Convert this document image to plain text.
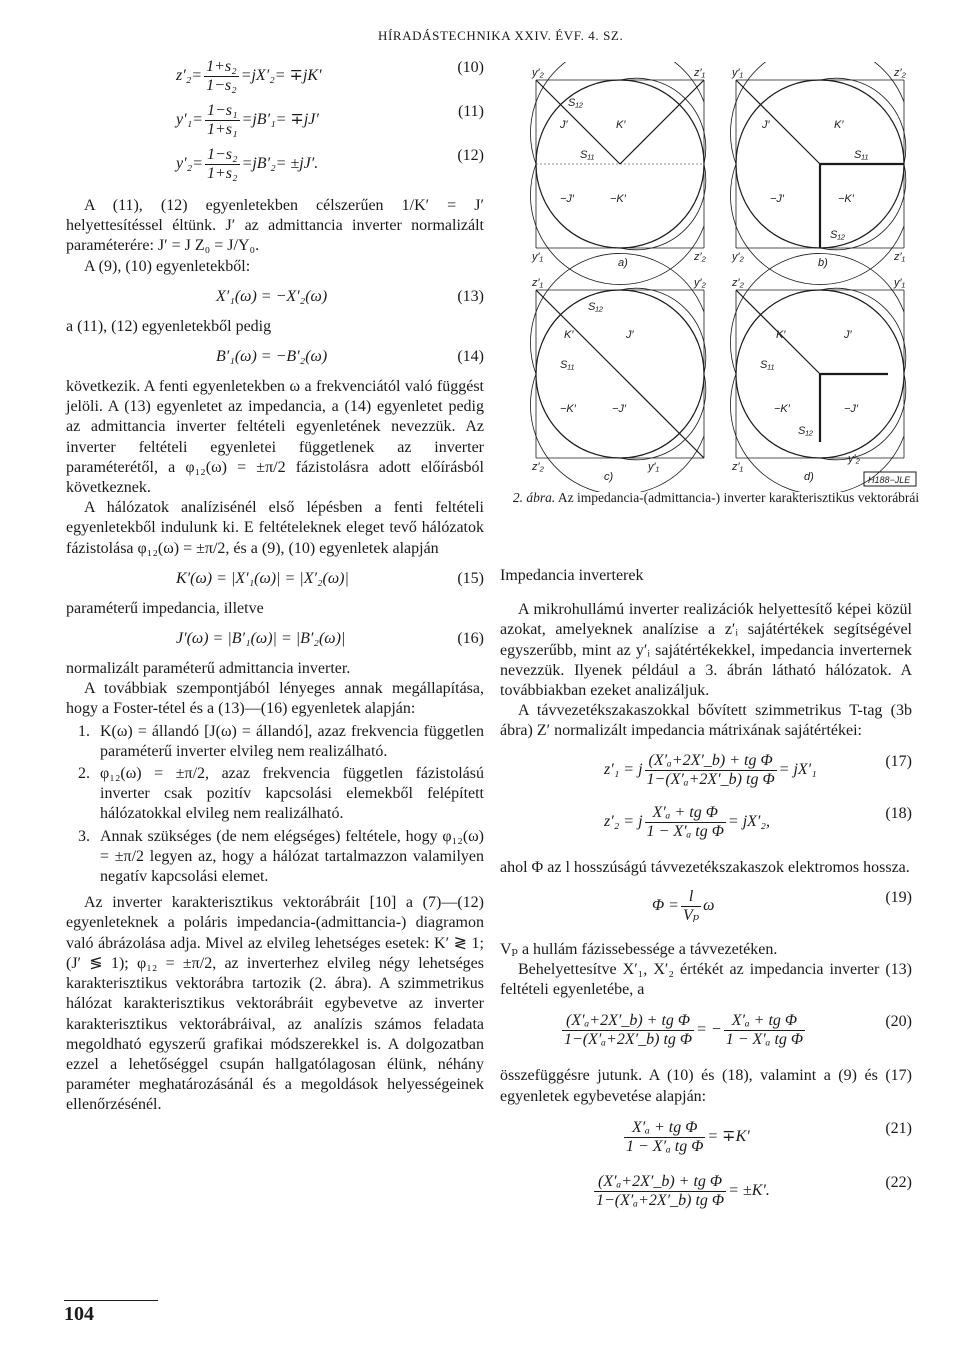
HÍRADÁSTECHNIKA XXIV. ÉVF. 4. SZ.
$z'_2= \frac{\text{1+s₂}}{\text{1−s₂}} =jX'_2= \mp jK'$	(10)
$y'_1= \frac{\text{1−s₁}}{\text{1+s₁}} =jB'_1= \mp jJ'$	(11)
$y'_2= \frac{\text{1−s₂}}{\text{1+s₂}} =jB'_2= \pm jJ'$.	(12)

A (11), (12) egyenletekben célszerűen 1/K′ = J′ helyettesítéssel éltünk. J′ az admittancia inverter normalizált paraméterére: J′ = J Z₀ = J/Y₀.

A (9), (10) egyenletekből:

X′₁(ω) = −X′₂(ω)	(13)

a (11), (12) egyenletekből pedig

B′₁(ω) = −B′₂(ω)	(14)

következik. A fenti egyenletekben ω a frekvenciától való függést jelöli. A (13) egyenletet az impedancia, a (14) egyenletet pedig az admittancia inverter feltételi egyenletének nevezzük. Az inverter feltételi egyenletei függetlenek az inverter paraméterétől, a φ₁₂(ω) = ±π/2 fázistolásra adott előírásból következnek.

A hálózatok analízisénél első lépésben a fenti feltételi egyenletekből indulunk ki. E feltételeknek eleget tevő hálózatok fázistolása φ₁₂(ω) = ±π/2, és a (9), (10) egyenletek alapján

K′(ω) = |X′₁(ω)| = |X′₂(ω)|	(15)

paraméterű impedancia, illetve

J′(ω) = |B′₁(ω)| = |B′₂(ω)|	(16)

normalizált paraméterű admittancia inverter.

A továbbiak szempontjából lényeges annak megállapítása, hogy a Foster-tétel és a (13)—(16) egyenletek alapján:

1. K(ω) = állandó [J(ω) = állandó], azaz frekvencia független paraméterű inverter elvileg nem realizálható.
2. φ₁₂(ω) = ±π/2, azaz frekvencia független fázistolású inverter csak pozitív kapcsolási elemekből felépített hálózatokkal elvileg nem realizálható.
3. Annak szükséges (de nem elégséges) feltétele, hogy φ₁₂(ω) = ±π/2 legyen az, hogy a hálózat tartalmazzon valamilyen negatív kapcsolási elemet.

Az inverter karakterisztikus vektorábráit [10] a (7)—(12) egyenleteknek a poláris impedancia-(admittancia-) diagramon való ábrázolása adja. Mivel az elvileg lehetséges esetek: K′ ≷ 1; (J′ ≶ 1); φ₁₂ = ±π/2, az inverterhez elvileg négy lehetséges karakterisztikus vektorábra tartozik (2. ábra). A szimmetrikus hálózat karakterisztikus vektorábráit egybevetve az inverter karakterisztikus vektorábráival, az analízis számos feladata megoldható egyszerű grafikai módszerekkel is. A dolgozatban ezzel a lehetőséggel csupán hallgatólagosan élünk, néhány paraméter meghatározásánál és a megoldások helyességeinek ellenőrzésénél.

y′₂	z′₁
S₁₂
J′	K′
S₁₁
−J′	−K′
y′₁	z′₂
a)
y′₁	z′₂
J′	K′
S₁₁
−J′	−K′
S₁₂
y′₂	z′₁
b)
z′₁	y′₂
S₁₂
K′	J′
S₁₁
−K′	−J′
z′₂	y′₁
c)
z′₂	y′₁
K′	J′
S₁₁
−K′	−J′
S₁₂
z′₁
y′₂
d)	H188−JLE
2. ábra. Az impedancia-(admittancia-) inverter karakterisztikus vektorábrái
Impedancia inverterek

A mikrohullámú inverter realizációk helyettesítő képei közül azokat, amelyeknek analízise a z′ᵢ sajátértékek segítségével egyszerűbb, mint az y′ᵢ sajátértékekkel, impedancia inverternek nevezzük. Ilyenek például a 3. ábrán látható hálózatok. A továbbiakban ezeket analizáljuk.

A távvezetékszakaszokkal bővített szimmetrikus T-tag (3b ábra) Z′ normalizált impedancia mátrixának sajátértékei:

z′₁ = j $\frac{\text{(X′ₐ+2X′\_b) + tg Φ}}{\text{1−(X′ₐ+2X′\_b) tg Φ}} = jX'_1$	(17)
z′₂ = j $\frac{\text{X′ₐ + tg Φ}}{\text{1 − X′ₐ tg Φ}} = jX'_2$,	(18)

ahol Φ az l hosszúságú távvezetékszakaszok elektromos hossza.

$\Phi = \frac{l}{\text{Vₚ}}$ ω	(19)

Vₚ a hullám fázissebessége a távvezetéken.

Behelyettesítve X′₁, X′₂ értékét az impedancia inverter (13) feltételi egyenletébe, a

$\frac{\text{(X′ₐ+2X′\_b) + tg Φ}}{\text{1−(X′ₐ+2X′\_b) tg Φ}}$ = − $\frac{\text{X′ₐ + tg Φ}}{\text{1 − X′ₐ tg Φ}}$	(20)

összefüggésre jutunk. A (10) és (18), valamint a (9) és (17) egyenletek egybevetése alapján:

$\frac{\text{X′ₐ + tg Φ}}{\text{1 − X′ₐ tg Φ}} = \mp K'$	(21)
$\frac{\text{(X′ₐ+2X′\_b) + tg Φ}}{\text{1−(X′ₐ+2X′\_b) tg Φ}} = \pm K'$.	(22)
104
